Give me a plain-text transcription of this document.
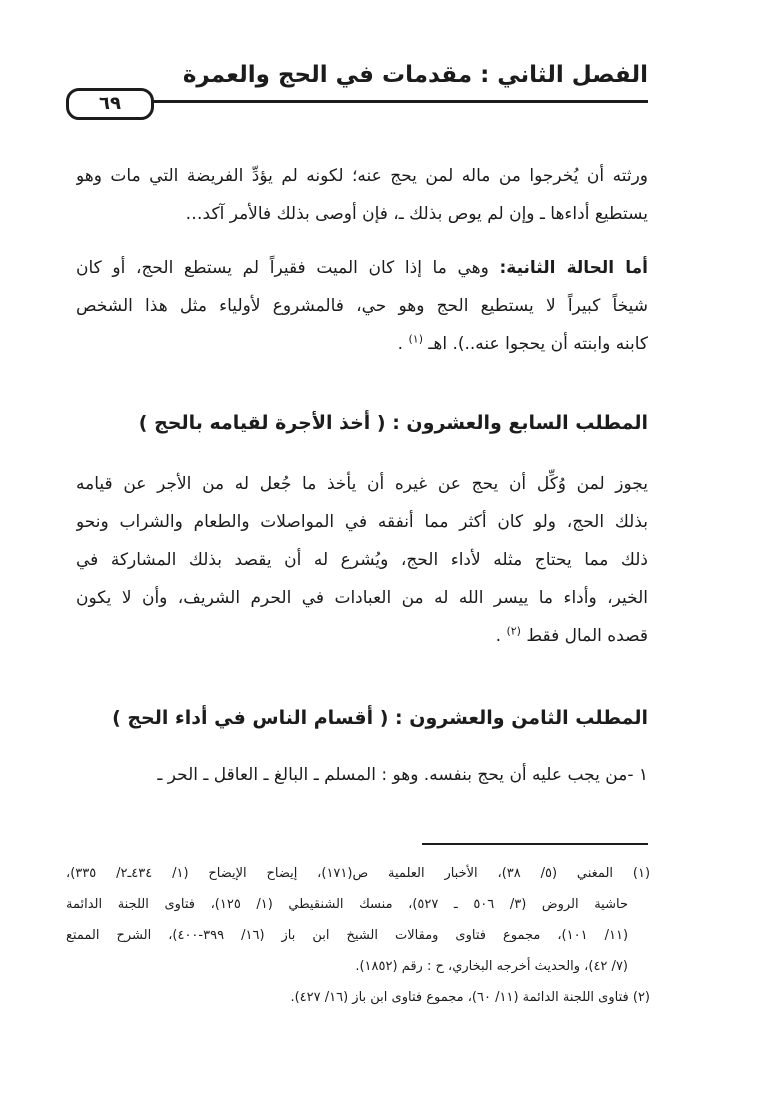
الفصل الثاني : مقدمات في الحج والعمرة
٦٩
ورثته أن يُخرجوا من ماله لمن يحج عنه؛ لكونه لم يؤدِّ الفريضة التي مات وهو
يستطيع أداءها ـ وإن لم يوص بذلك ـ، فإن أوصى بذلك فالأمر آكد…
أما الحالة الثانية: وهي ما إذا كان الميت فقيراً لم يستطع الحج، أو كان
شيخاً كبيراً لا يستطيع الحج وهو حي، فالمشروع لأولياء مثل هذا الشخص
كابنه وابنته أن يحجوا عنه..). اهـ $^{(١)}$ .
المطلب السابع والعشرون : ( أخذ الأجرة لقيامه بالحج )
يجوز لمن وُكِّل أن يحج عن غيره أن يأخذ ما جُعل له من الأجر عن قيامه
بذلك الحج، ولو كان أكثر مما أنفقه في المواصلات والطعام والشراب ونحو
ذلك مما يحتاج مثله لأداء الحج، ويُشرع له أن يقصد بذلك المشاركة في
الخير، وأداء ما ييسر الله له من العبادات في الحرم الشريف، وأن لا يكون
قصده المال فقط $^{(٢)}$ .
المطلب الثامن والعشرون : ( أقسام الناس في أداء الحج )
١ -من يجب عليه أن يحج بنفسه. وهو : المسلم ـ البالغ ـ العاقل ـ الحر ـ
(١) المغني (٥/ ٣٨)، الأخبار العلمية ص(١٧١)، إيضاح الإيضاح (١/ ٤٣٤ـ٢/ ٣٣٥)،
حاشية الروض (٣/ ٥٠٦ ـ ٥٢٧)، منسك الشنقيطي (١/ ١٢٥)، فتاوى اللجنة الدائمة
(١١/ ١٠١)، مجموع فتاوى ومقالات الشيخ ابن باز (١٦/ ٣٩٩-٤٠٠)، الشرح الممتع
(٧/ ٤٢)، والحديث أخرجه البخاري، ح : رقم (١٨٥٢).
(٢) فتاوى اللجنة الدائمة (١١/ ٦٠)، مجموع فتاوى ابن باز (١٦/ ٤٢٧).
